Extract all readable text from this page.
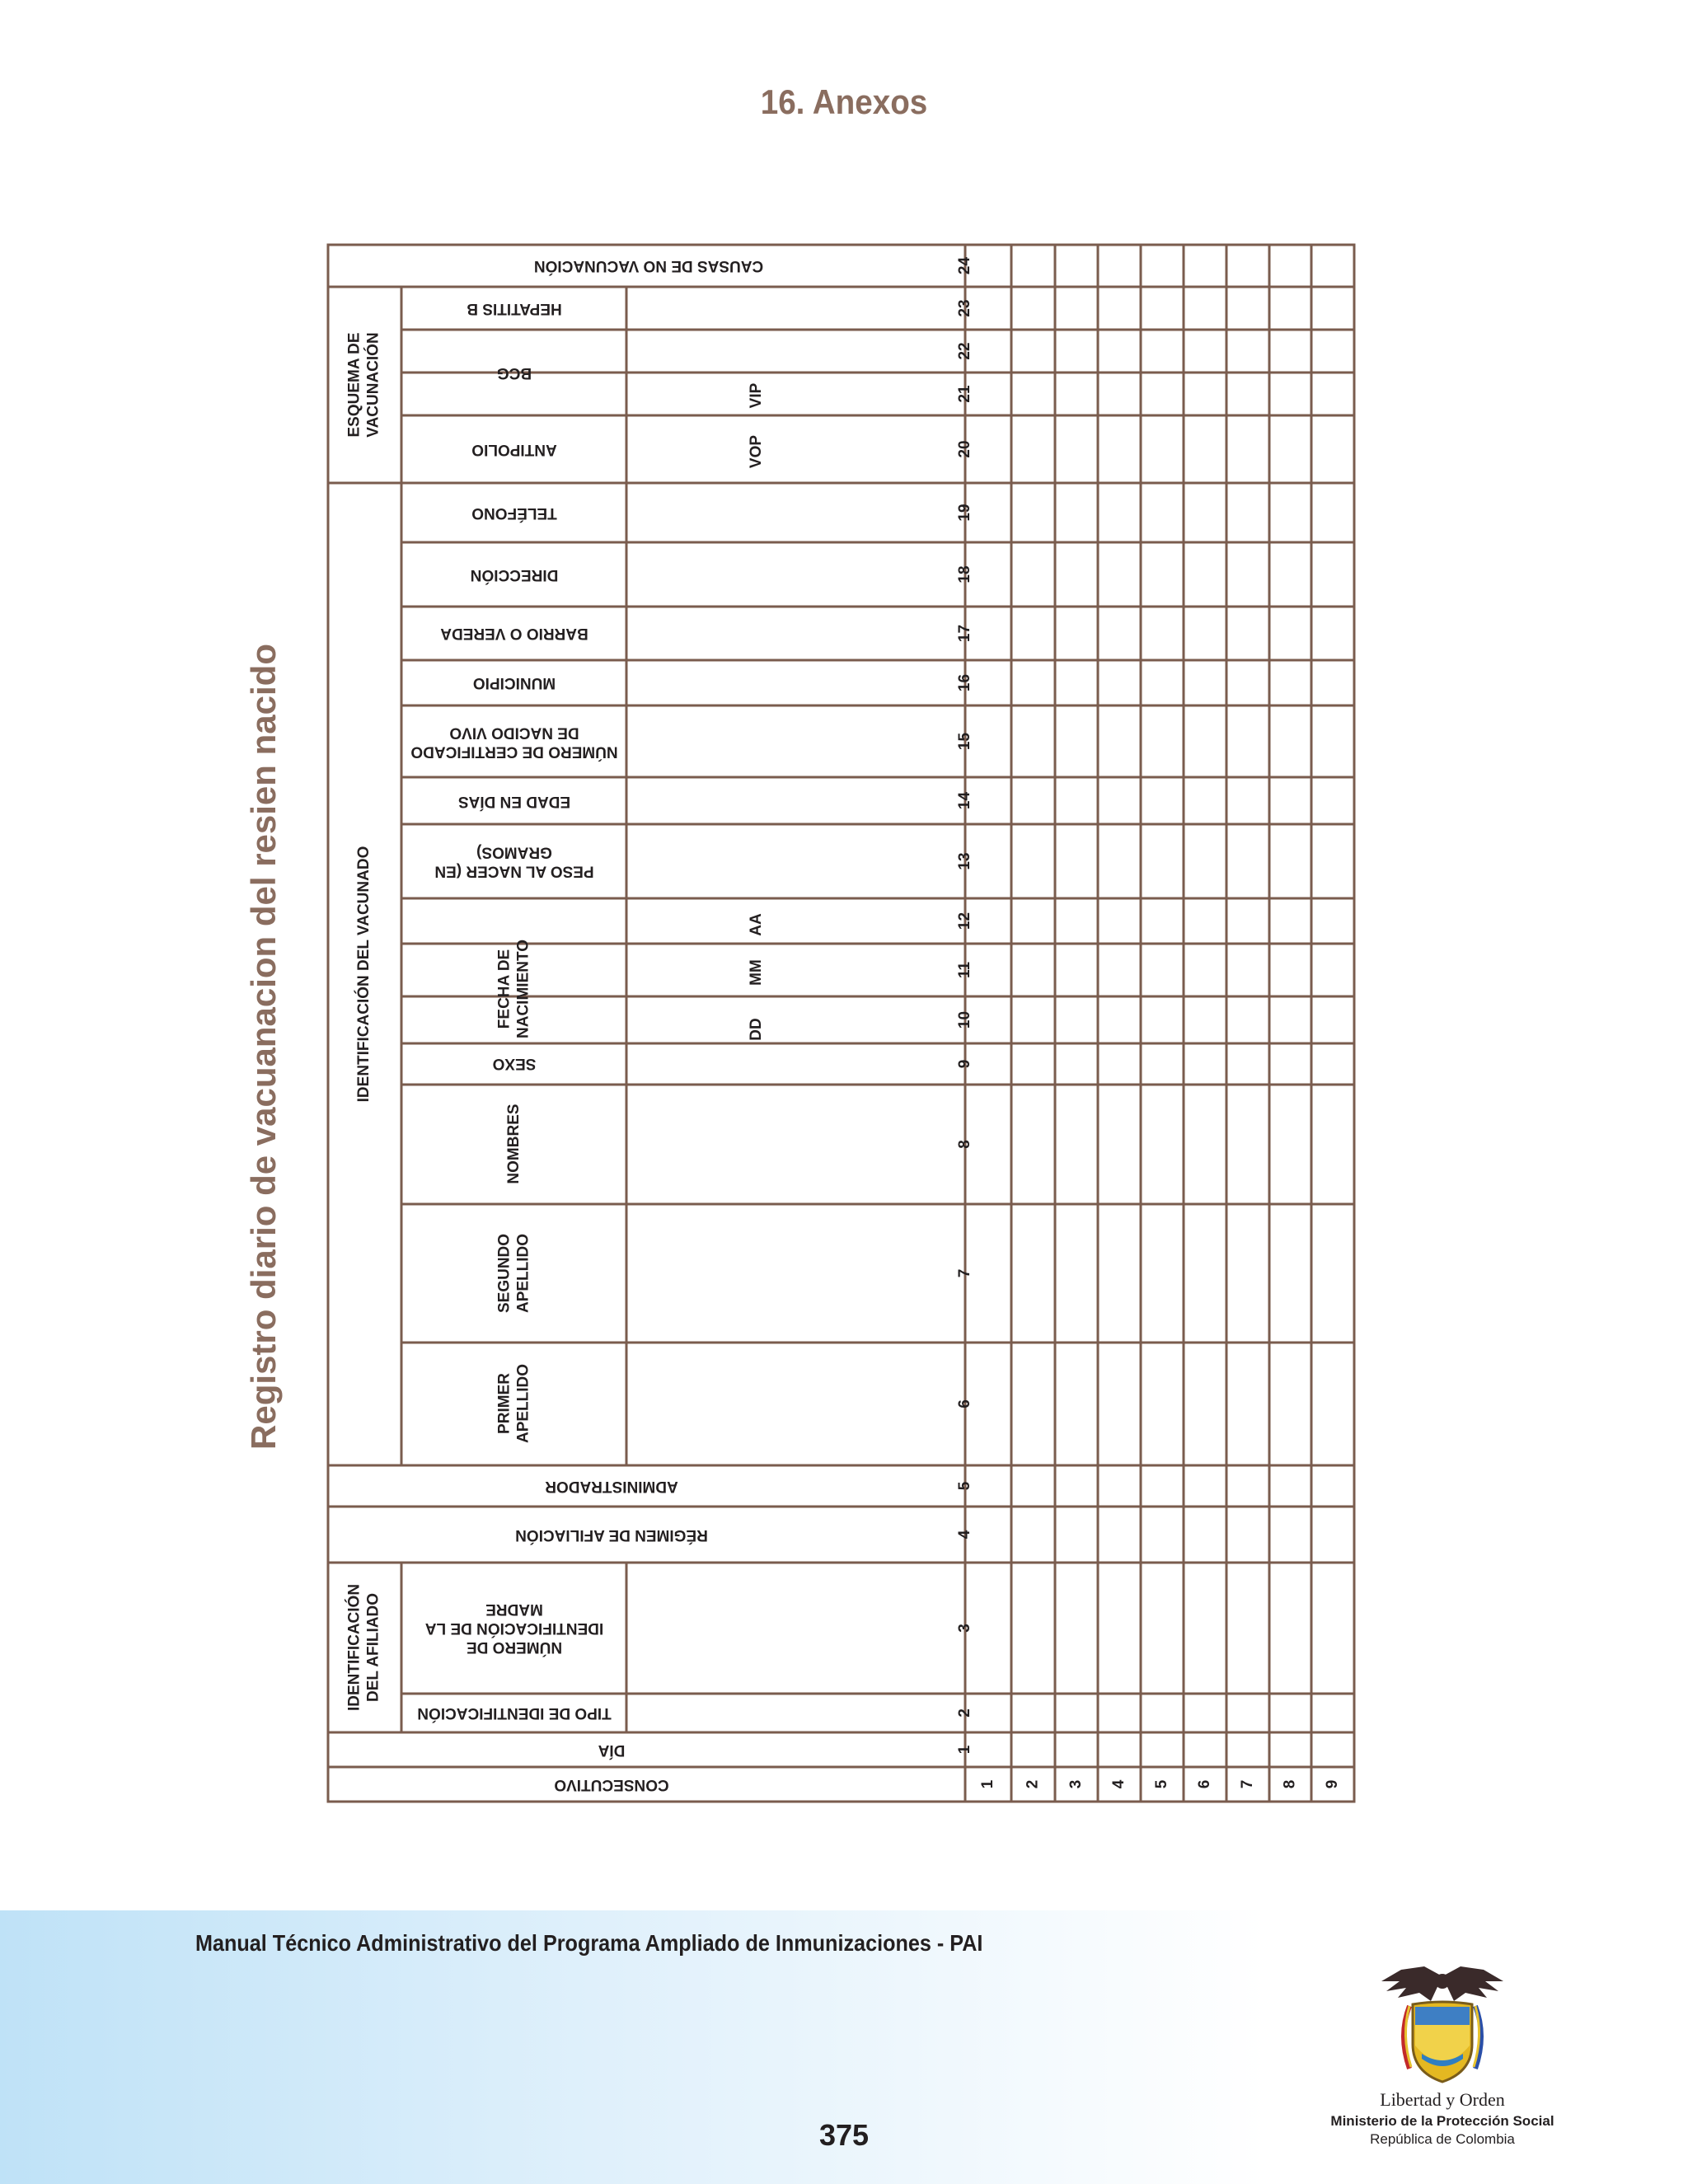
16. Anexos
Registro diario de vacuanacion del resien nacido
24
23
22
21
20
19
18
17
16
15
14
13
12
11
10
9
8
7
6
5
4
3
2
1
1 2 3 4 5 6 7 8 9
ESQUEMA DE VACUNACIÓN
IDENTIFICACIÓN DEL VACUNADO
IDENTIFICACIÓN DEL AFILIADO
CAUSAS DE NO VACUNACIÓN
HEPATITIS B
BCG
ANTIPOLIO
TELÉFONO
DIRECCIÓN
BARRIO O VEREDA
MUNICIPIO
NÚMERO DE CERTIFICADO
DE NACIDO VIVO
EDAD EN DÍAS
PESO AL NACER (EN
GRAMOS)
SEXO
ADMINISTRADOR
RÉGIMEN DE AFILIACIÓN
NÚMERO DE
IDENTIFICACIÓN DE LA
MADRE
TIPO DE IDENTIFICACIÓN
DÍA
CONSECUTIVO
FECHA DE NACIMIENTO
NOMBRES
SEGUNDO APELLIDO
PRIMER APELLIDO
DD
MM
AA
VOP
VIP
Manual Técnico Administrativo del Programa Ampliado de Inmunizaciones - PAI
375
Libertad y Orden
Ministerio de la Protección Social
República de Colombia
